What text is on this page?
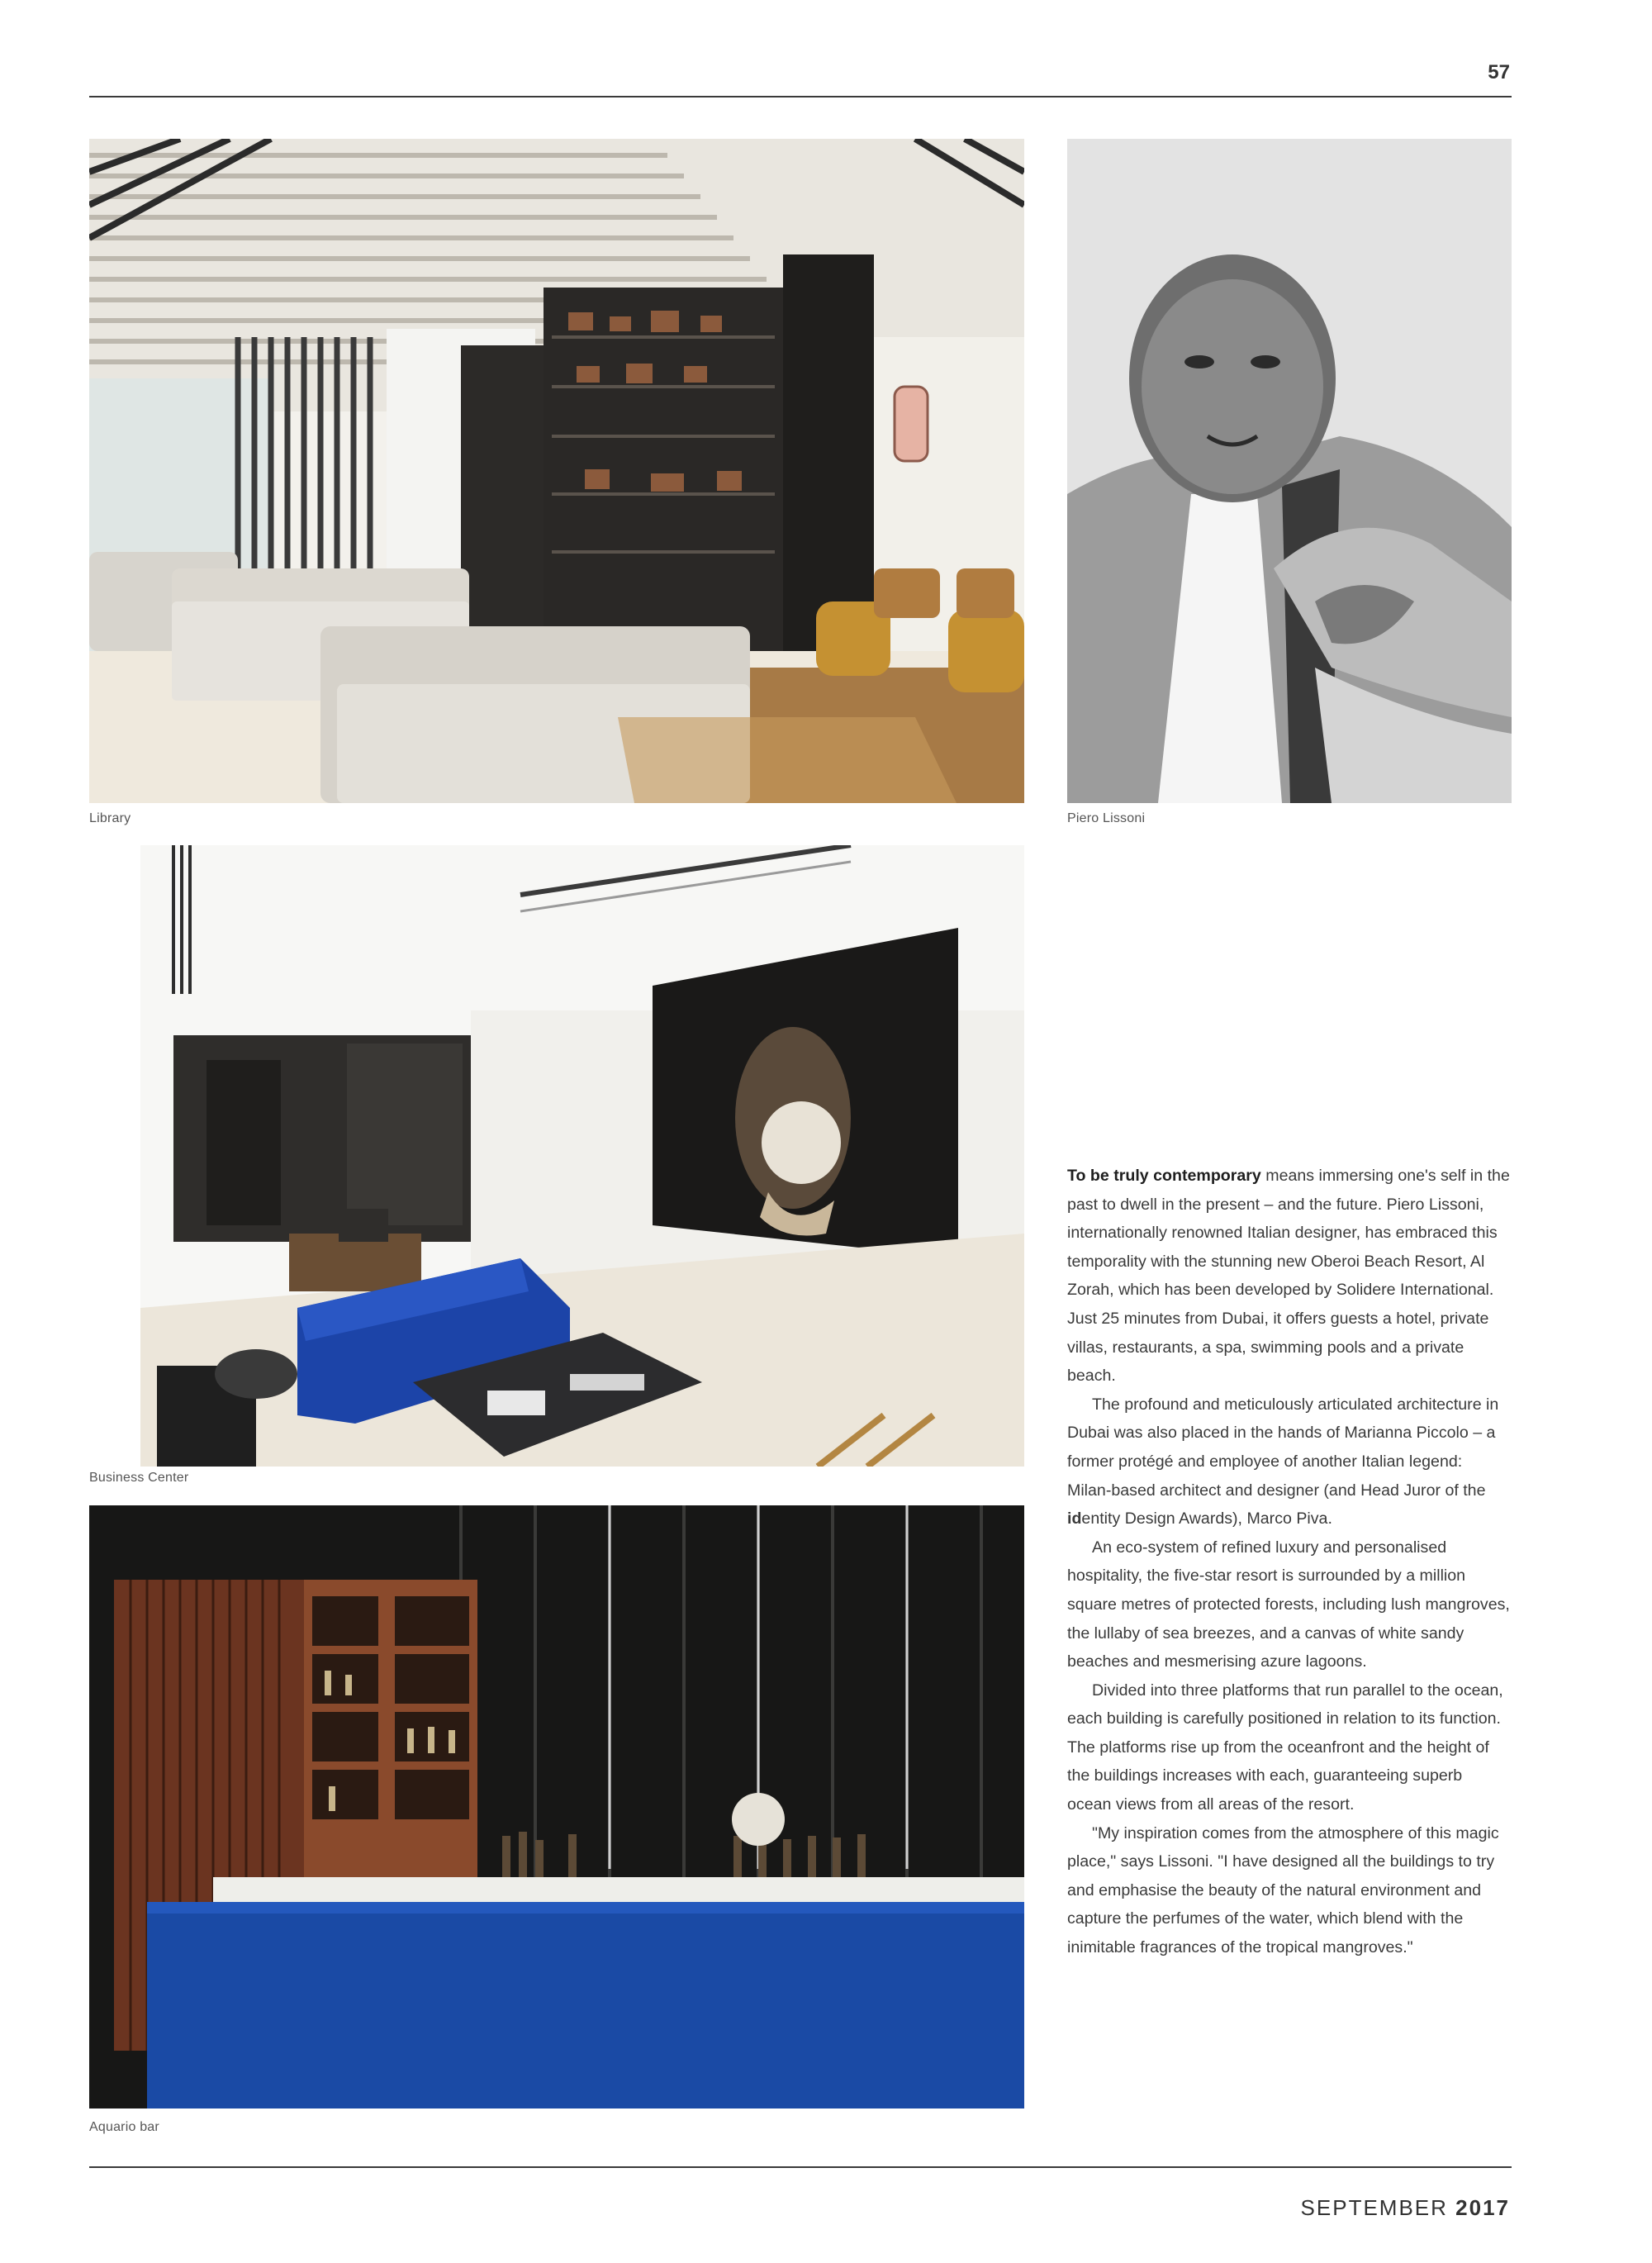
57
Library	Piero Lissoni
Business Center
Aquario bar

To be truly contemporary means immersing one's self in the past to dwell in the present – and the future. Piero Lissoni, internationally renowned Italian designer, has embraced this temporality with the stunning new Oberoi Beach Resort, Al Zorah, which has been developed by Solidere International. Just 25 minutes from Dubai, it offers guests a hotel, private villas, restaurants, a spa, swimming pools and a private beach.

The profound and meticulously articulated architecture in Dubai was also placed in the hands of Marianna Piccolo – a former protégé and employee of another Italian legend: Milan-based architect and designer (and Head Juror of the identity Design Awards), Marco Piva.

An eco-system of refined luxury and personalised hospitality, the five-star resort is surrounded by a million square metres of protected forests, including lush mangroves, the lullaby of sea breezes, and a canvas of white sandy beaches and mesmerising azure lagoons.

Divided into three platforms that run parallel to the ocean, each building is carefully positioned in relation to its function. The platforms rise up from the oceanfront and the height of the buildings increases with each, guaranteeing superb ocean views from all areas of the resort.

"My inspiration comes from the atmosphere of this magic place," says Lissoni. "I have designed all the buildings to try and emphasise the beauty of the natural environment and capture the perfumes of the water, which blend with the inimitable fragrances of the tropical mangroves."

SEPTEMBER 2017
